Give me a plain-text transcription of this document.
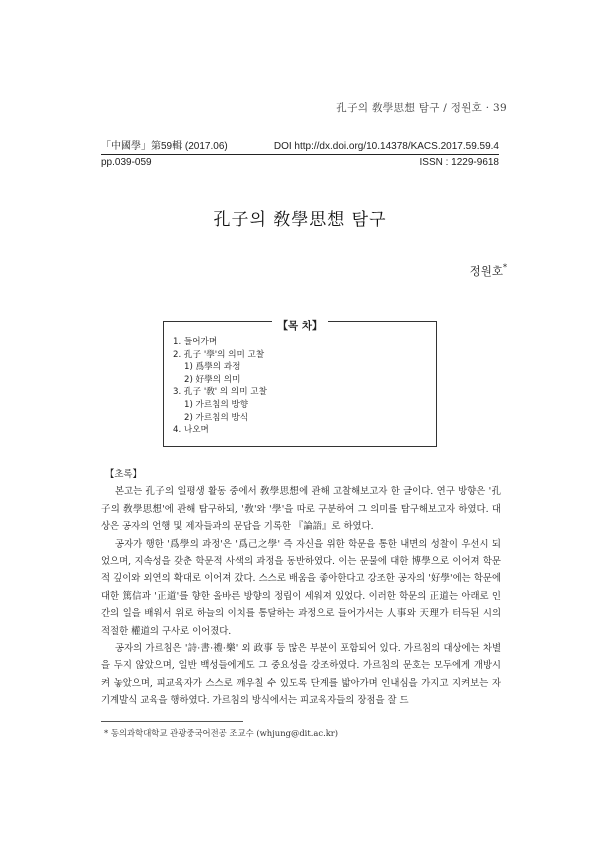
孔子의 敎學思想 탐구 / 정원호 · 39
「中國學」第59輯 (2017.06)	DOI http://dx.doi.org/10.14378/KACS.2017.59.59.4
pp.039-059	ISSN : 1229-9618
孔子의 敎學思想 탐구
정원호*
【목 차】
1. 들어가며
2. 孔子 '學'의 의미 고찰
1) 爲學의 과정
2) 好學의 의미
3. 孔子 '敎' 의 의미 고찰
1) 가르침의 방향
2) 가르침의 방식
4. 나오며
【초록】

본고는 孔子의 일평생 활동 중에서 敎學思想에 관해 고찰해보고자 한 글이다. 연구 방향은 '孔子의 敎學思想'에 관해 탐구하되, '敎'와 '學'을 따로 구분하여 그 의미를 탐구해보고자 하였다. 대상은 공자의 언행 및 제자들과의 문답을 기록한 『論語』로 하였다.

공자가 행한 '爲學의 과정'은 '爲己之學' 즉 자신을 위한 학문을 통한 내면의 성찰이 우선시 되었으며, 지속성을 갖춘 학문적 사색의 과정을 동반하였다. 이는 문물에 대한 博學으로 이어져 학문적 깊이와 외연의 확대로 이어져 갔다. 스스로 배움을 좋아한다고 강조한 공자의 '好學'에는 학문에 대한 篤信과 '正道'를 향한 올바른 방향의 정립이 세워져 있었다. 이러한 학문의 正道는 아래로 인간의 일을 배워서 위로 하늘의 이치를 통달하는 과정으로 들어가서는 人事와 天理가 터득된 시의 적절한 權道의 구사로 이어졌다.

공자의 가르침은 '詩·書·禮·樂' 외 政事 등 많은 부분이 포함되어 있다. 가르침의 대상에는 차별을 두지 않았으며, 일반 백성들에게도 그 중요성을 강조하였다. 가르침의 문호는 모두에게 개방시켜 놓았으며, 피교육자가 스스로 깨우칠 수 있도록 단계를 밟아가며 인내심을 가지고 지켜보는 자기계발식 교육을 행하였다. 가르침의 방식에서는 피교육자들의 장점을 잘 드

* 동의과학대학교 관광중국어전공 조교수 (whjung@dit.ac.kr)
